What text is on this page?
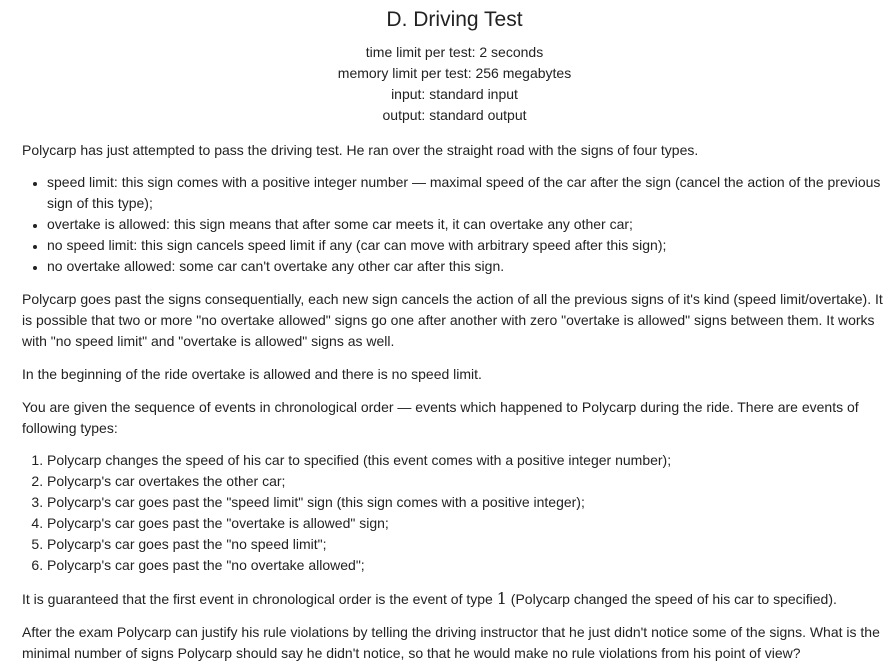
D. Driving Test
time limit per test: 2 seconds
memory limit per test: 256 megabytes
input: standard input
output: standard output

Polycarp has just attempted to pass the driving test. He ran over the straight road with the signs of four types.

• speed limit: this sign comes with a positive integer number — maximal speed of the car after the sign (cancel the action of the previous sign of this type);
• overtake is allowed: this sign means that after some car meets it, it can overtake any other car;
• no speed limit: this sign cancels speed limit if any (car can move with arbitrary speed after this sign);
• no overtake allowed: some car can't overtake any other car after this sign.

Polycarp goes past the signs consequentially, each new sign cancels the action of all the previous signs of it's kind (speed limit/overtake). It is possible that two or more "no overtake allowed" signs go one after another with zero "overtake is allowed" signs between them. It works with "no speed limit" and "overtake is allowed" signs as well.

In the beginning of the ride overtake is allowed and there is no speed limit.

You are given the sequence of events in chronological order — events which happened to Polycarp during the ride. There are events of following types:

1. Polycarp changes the speed of his car to specified (this event comes with a positive integer number);
2. Polycarp's car overtakes the other car;
3. Polycarp's car goes past the "speed limit" sign (this sign comes with a positive integer);
4. Polycarp's car goes past the "overtake is allowed" sign;
5. Polycarp's car goes past the "no speed limit";
6. Polycarp's car goes past the "no overtake allowed";

It is guaranteed that the first event in chronological order is the event of type 1 (Polycarp changed the speed of his car to specified).

After the exam Polycarp can justify his rule violations by telling the driving instructor that he just didn't notice some of the signs. What is the minimal number of signs Polycarp should say he didn't notice, so that he would make no rule violations from his point of view?
